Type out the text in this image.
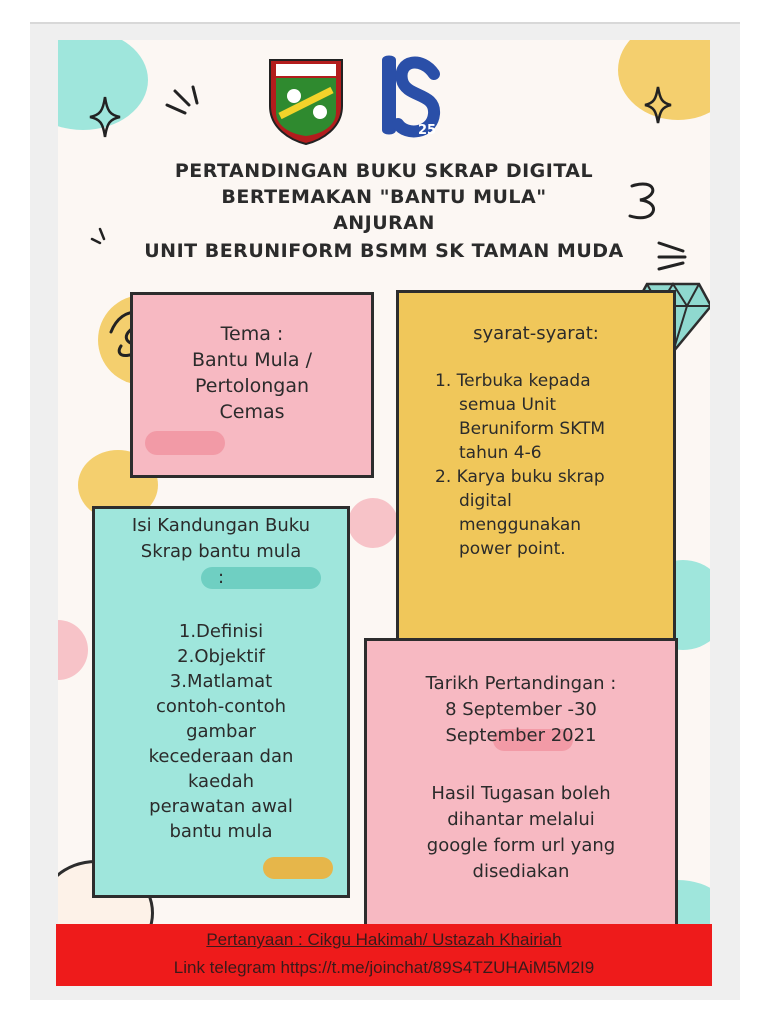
25
PERTANDINGAN BUKU SKRAP DIGITAL
BERTEMAKAN "BANTU MULA"
ANJURAN
UNIT BERUNIFORM BSMM SK TAMAN MUDA
Tema :
Bantu Mula /
Pertolongan
Cemas
syarat-syarat:
1. Terbuka kepada
semua Unit
Beruniform SKTM
tahun 4-6
2. Karya buku skrap
digital
menggunakan
power point.
Isi Kandungan Buku
Skrap bantu mula
:
1.Definisi
2.Objektif
3.Matlamat
contoh-contoh
gambar
kecederaan dan
kaedah
perawatan awal
bantu mula
Tarikh Pertandingan :
8 September -30
September 2021
Hasil Tugasan boleh
dihantar melalui
google form url yang
disediakan
Pertanyaan : Cikgu Hakimah/ Ustazah Khairiah
Link telegram https://t.me/joinchat/89S4TZUHAiM5M2I9
